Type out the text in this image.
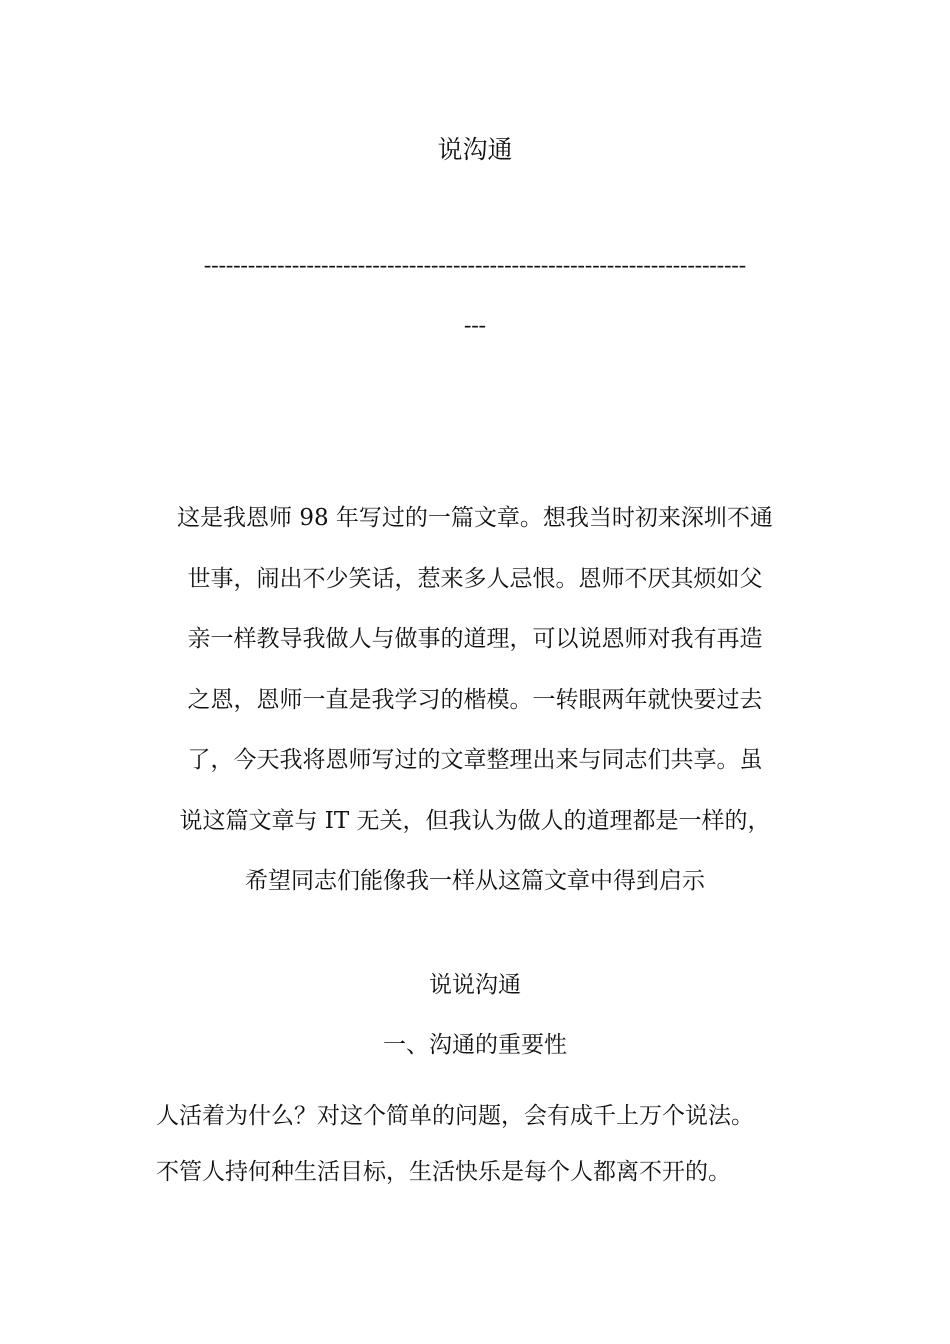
说沟通
--------------------------------------------------------------------------
---
这是我恩师 98 年写过的一篇文章。想我当时初来深圳不通
世事，闹出不少笑话，惹来多人忌恨。恩师不厌其烦如父
亲一样教导我做人与做事的道理，可以说恩师对我有再造
之恩，恩师一直是我学习的楷模。一转眼两年就快要过去
了，今天我将恩师写过的文章整理出来与同志们共享。虽
说这篇文章与 IT 无关，但我认为做人的道理都是一样的，
希望同志们能像我一样从这篇文章中得到启示
说说沟通
一、沟通的重要性
人活着为什么？对这个简单的问题，会有成千上万个说法。
不管人持何种生活目标，生活快乐是每个人都离不开的。
